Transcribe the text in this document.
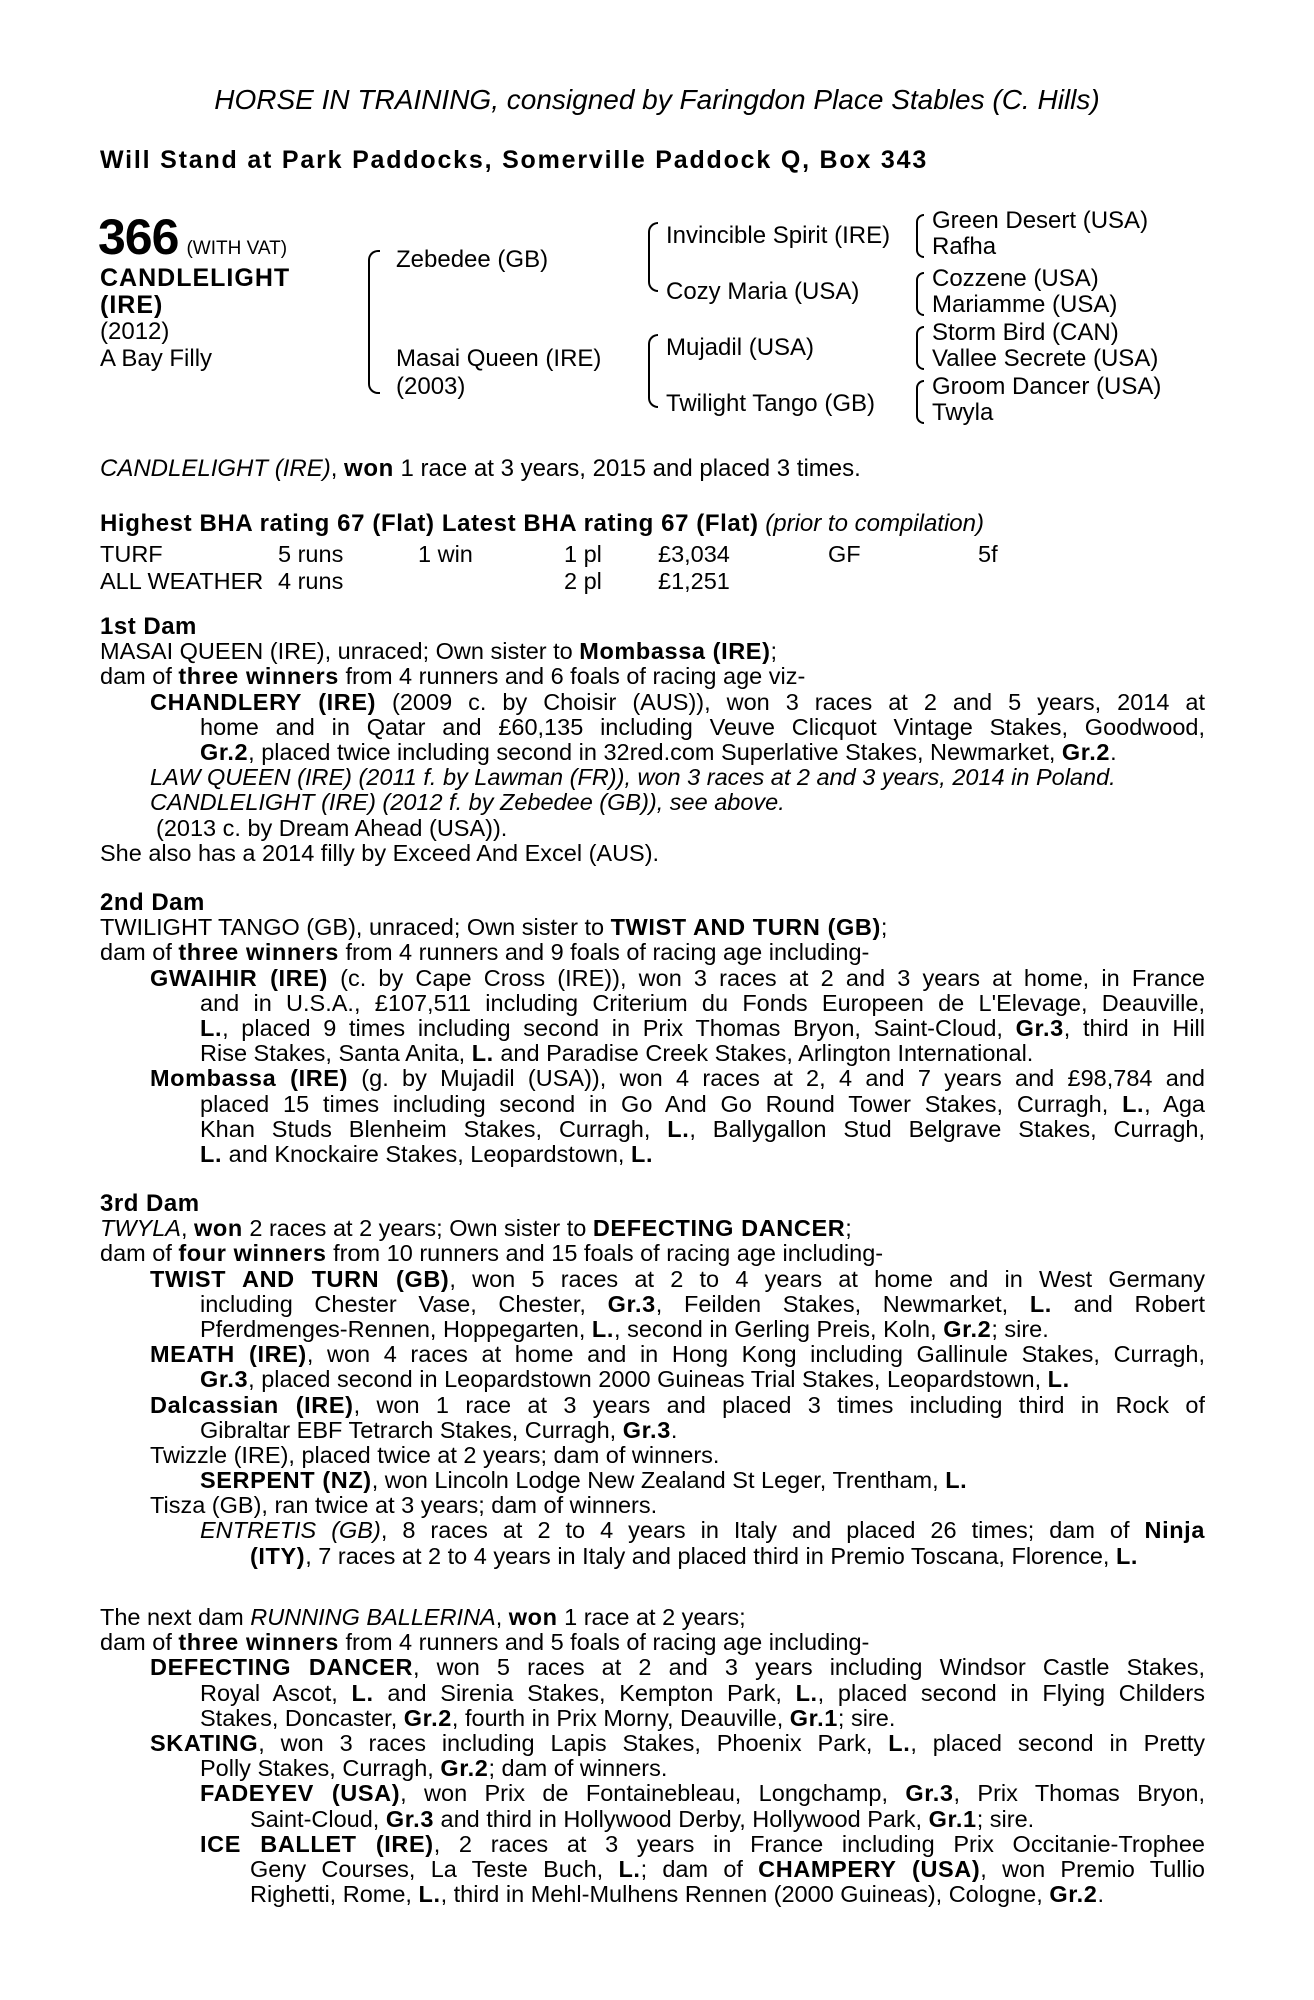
HORSE IN TRAINING, consigned by Faringdon Place Stables (C. Hills)
Will Stand at Park Paddocks, Somerville Paddock Q, Box 343
366 (WITH VAT)
CANDLELIGHT
(IRE)
(2012)
A Bay Filly
Zebedee (GB)
Masai Queen (IRE)
(2003)
Invincible Spirit (IRE)
Cozy Maria (USA)
Mujadil (USA)
Twilight Tango (GB)
Green Desert (USA)
Rafha
Cozzene (USA)
Mariamme (USA)
Storm Bird (CAN)
Vallee Secrete (USA)
Groom Dancer (USA)
Twyla
CANDLELIGHT (IRE), won 1 race at 3 years, 2015 and placed 3 times.
Highest BHA rating 67 (Flat) Latest BHA rating 67 (Flat) (prior to compilation)
TURF	5 runs	1 win	1 pl	£3,034	GF	5f
ALL WEATHER	4 runs		2 pl	£1,251		
1st Dam
MASAI QUEEN (IRE), unraced; Own sister to Mombassa (IRE);
dam of three winners from 4 runners and 6 foals of racing age viz-
CHANDLERY (IRE) (2009 c. by Choisir (AUS)), won 3 races at 2 and 5 years, 2014 at
home and in Qatar and £60,135 including Veuve Clicquot Vintage Stakes, Goodwood,
Gr.2, placed twice including second in 32red.com Superlative Stakes, Newmarket, Gr.2.
LAW QUEEN (IRE) (2011 f. by Lawman (FR)), won 3 races at 2 and 3 years, 2014 in Poland.
CANDLELIGHT (IRE) (2012 f. by Zebedee (GB)), see above.
(2013 c. by Dream Ahead (USA)).
She also has a 2014 filly by Exceed And Excel (AUS).
2nd Dam
TWILIGHT TANGO (GB), unraced; Own sister to TWIST AND TURN (GB);
dam of three winners from 4 runners and 9 foals of racing age including-
GWAIHIR (IRE) (c. by Cape Cross (IRE)), won 3 races at 2 and 3 years at home, in France
and in U.S.A., £107,511 including Criterium du Fonds Europeen de L'Elevage, Deauville,
L., placed 9 times including second in Prix Thomas Bryon, Saint-Cloud, Gr.3, third in Hill
Rise Stakes, Santa Anita, L. and Paradise Creek Stakes, Arlington International.
Mombassa (IRE) (g. by Mujadil (USA)), won 4 races at 2, 4 and 7 years and £98,784 and
placed 15 times including second in Go And Go Round Tower Stakes, Curragh, L., Aga
Khan Studs Blenheim Stakes, Curragh, L., Ballygallon Stud Belgrave Stakes, Curragh,
L. and Knockaire Stakes, Leopardstown, L.
3rd Dam
TWYLA, won 2 races at 2 years; Own sister to DEFECTING DANCER;
dam of four winners from 10 runners and 15 foals of racing age including-
TWIST AND TURN (GB), won 5 races at 2 to 4 years at home and in West Germany
including Chester Vase, Chester, Gr.3, Feilden Stakes, Newmarket, L. and Robert
Pferdmenges-Rennen, Hoppegarten, L., second in Gerling Preis, Koln, Gr.2; sire.
MEATH (IRE), won 4 races at home and in Hong Kong including Gallinule Stakes, Curragh,
Gr.3, placed second in Leopardstown 2000 Guineas Trial Stakes, Leopardstown, L.
Dalcassian (IRE), won 1 race at 3 years and placed 3 times including third in Rock of
Gibraltar EBF Tetrarch Stakes, Curragh, Gr.3.
Twizzle (IRE), placed twice at 2 years; dam of winners.
SERPENT (NZ), won Lincoln Lodge New Zealand St Leger, Trentham, L.
Tisza (GB), ran twice at 3 years; dam of winners.
ENTRETIS (GB), 8 races at 2 to 4 years in Italy and placed 26 times; dam of Ninja
(ITY), 7 races at 2 to 4 years in Italy and placed third in Premio Toscana, Florence, L.
The next dam RUNNING BALLERINA, won 1 race at 2 years;
dam of three winners from 4 runners and 5 foals of racing age including-
DEFECTING DANCER, won 5 races at 2 and 3 years including Windsor Castle Stakes,
Royal Ascot, L. and Sirenia Stakes, Kempton Park, L., placed second in Flying Childers
Stakes, Doncaster, Gr.2, fourth in Prix Morny, Deauville, Gr.1; sire.
SKATING, won 3 races including Lapis Stakes, Phoenix Park, L., placed second in Pretty
Polly Stakes, Curragh, Gr.2; dam of winners.
FADEYEV (USA), won Prix de Fontainebleau, Longchamp, Gr.3, Prix Thomas Bryon,
Saint-Cloud, Gr.3 and third in Hollywood Derby, Hollywood Park, Gr.1; sire.
ICE BALLET (IRE), 2 races at 3 years in France including Prix Occitanie-Trophee
Geny Courses, La Teste Buch, L.; dam of CHAMPERY (USA), won Premio Tullio
Righetti, Rome, L., third in Mehl-Mulhens Rennen (2000 Guineas), Cologne, Gr.2.
